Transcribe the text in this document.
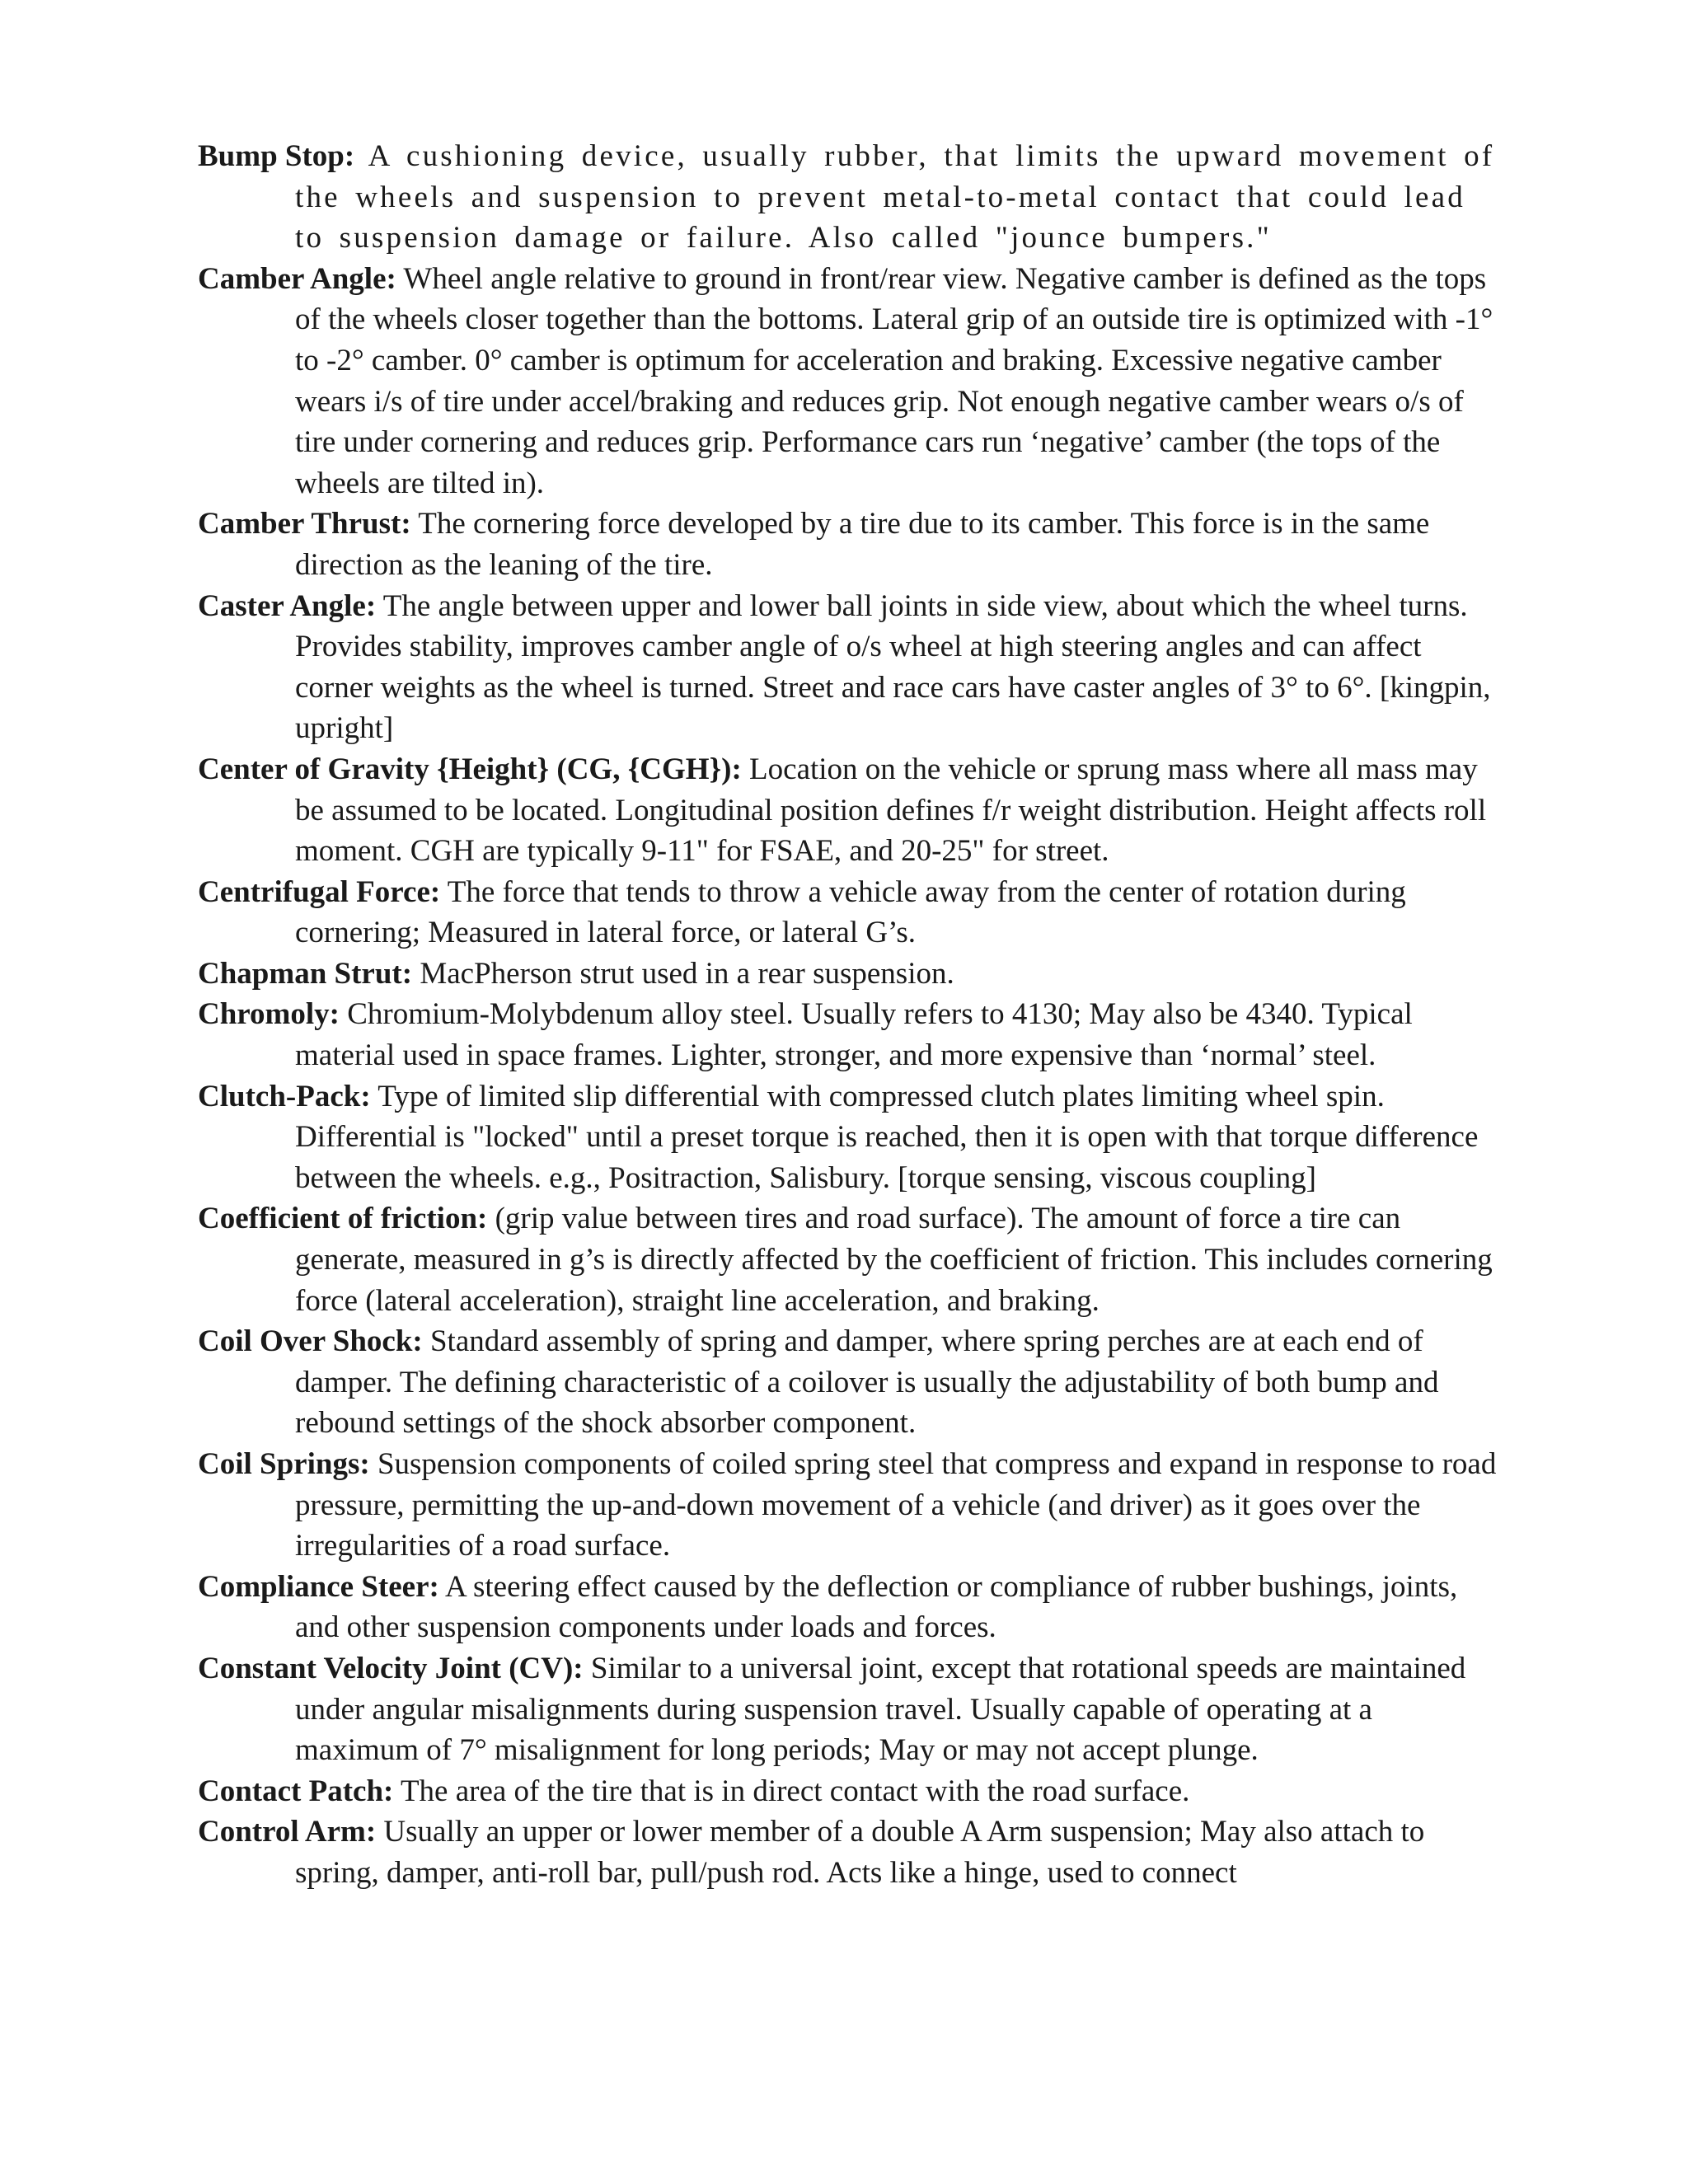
Bump Stop: A cushioning device, usually rubber, that limits the upward movement of the wheels and suspension to prevent metal-to-metal contact that could lead to suspension damage or failure. Also called "jounce bumpers."

Camber Angle: Wheel angle relative to ground in front/rear view. Negative camber is defined as the tops of the wheels closer together than the bottoms. Lateral grip of an outside tire is optimized with -1° to -2° camber. 0° camber is optimum for acceleration and braking. Excessive negative camber wears i/s of tire under accel/braking and reduces grip. Not enough negative camber wears o/s of tire under cornering and reduces grip. Performance cars run ‘negative’ camber (the tops of the wheels are tilted in).

Camber Thrust: The cornering force developed by a tire due to its camber. This force is in the same direction as the leaning of the tire.

Caster Angle: The angle between upper and lower ball joints in side view, about which the wheel turns. Provides stability, improves camber angle of o/s wheel at high steering angles and can affect corner weights as the wheel is turned. Street and race cars have caster angles of 3° to 6°. [kingpin, upright]

Center of Gravity {Height} (CG, {CGH}): Location on the vehicle or sprung mass where all mass may be assumed to be located. Longitudinal position defines f/r weight distribution. Height affects roll moment. CGH are typically 9-11" for FSAE, and 20-25" for street.

Centrifugal Force: The force that tends to throw a vehicle away from the center of rotation during cornering; Measured in lateral force, or lateral G’s.

Chapman Strut: MacPherson strut used in a rear suspension.

Chromoly: Chromium-Molybdenum alloy steel. Usually refers to 4130; May also be 4340. Typical material used in space frames. Lighter, stronger, and more expensive than ‘normal’ steel.

Clutch-Pack: Type of limited slip differential with compressed clutch plates limiting wheel spin. Differential is "locked" until a preset torque is reached, then it is open with that torque difference between the wheels. e.g., Positraction, Salisbury. [torque sensing, viscous coupling]

Coefficient of friction: (grip value between tires and road surface). The amount of force a tire can generate, measured in g’s is directly affected by the coefficient of friction. This includes cornering force (lateral acceleration), straight line acceleration, and braking.

Coil Over Shock: Standard assembly of spring and damper, where spring perches are at each end of damper. The defining characteristic of a coilover is usually the adjustability of both bump and rebound settings of the shock absorber component.

Coil Springs: Suspension components of coiled spring steel that compress and expand in response to road pressure, permitting the up-and-down movement of a vehicle (and driver) as it goes over the irregularities of a road surface.

Compliance Steer: A steering effect caused by the deflection or compliance of rubber bushings, joints, and other suspension components under loads and forces.

Constant Velocity Joint (CV): Similar to a universal joint, except that rotational speeds are maintained under angular misalignments during suspension travel. Usually capable of operating at a maximum of 7° misalignment for long periods; May or may not accept plunge.

Contact Patch: The area of the tire that is in direct contact with the road surface.

Control Arm: Usually an upper or lower member of a double A Arm suspension; May also attach to spring, damper, anti-roll bar, pull/push rod. Acts like a hinge, used to connect
